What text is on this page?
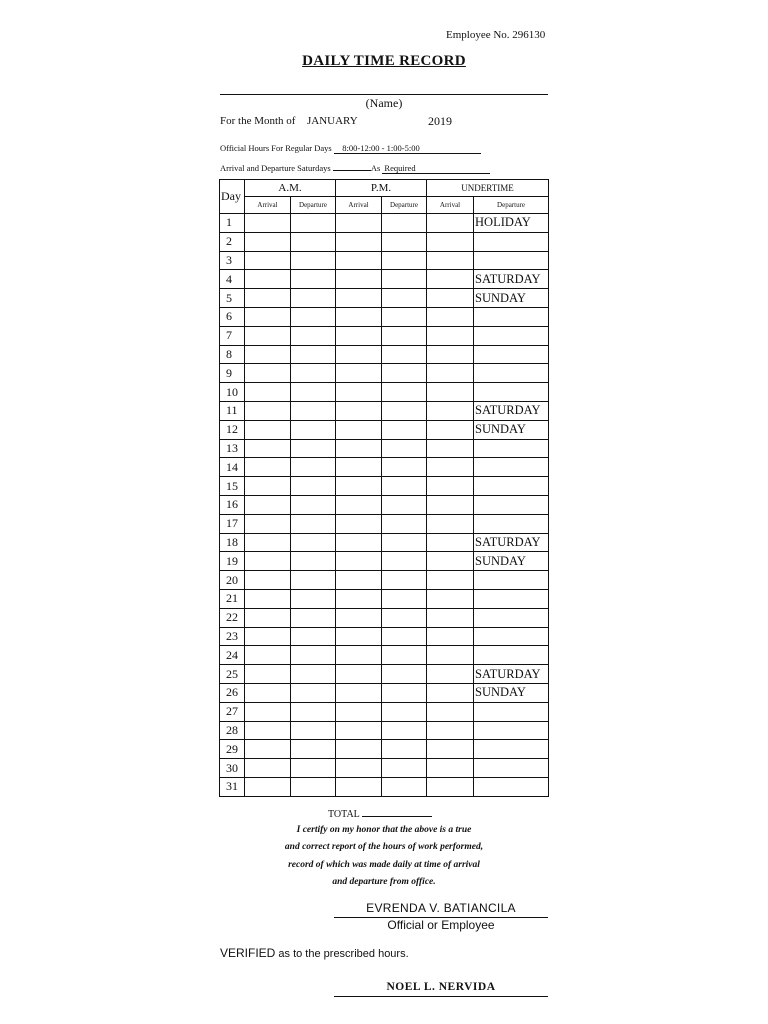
Employee No. 296130
DAILY TIME RECORD
(Name)
For the Month of JANUARY	2019
Official Hours For Regular Days 8:00-12:00 - 1:00-5:00
Arrival and Departure Saturdays	As Required
Day	A.M.		P.M.		UNDERTIME	
	Arrival	Departure	Arrival	Departure	Arrival	Departure
1						HOLIDAY
2						
3						
4						SATURDAY
5						SUNDAY
6						
7						
8						
9						
10						
11						SATURDAY
12						SUNDAY
13						
14						
15						
16						
17						
18						SATURDAY
19						SUNDAY
20						
21						
22						
23						
24						
25						SATURDAY
26						SUNDAY
27						
28						
29						
30						
31						
TOTAL
I certify on my honor that the above is a true
and correct report of the hours of work performed,
record of which was made daily at time of arrival
and departure from office.
EVRENDA V. BATIANCILA
Official or Employee
VERIFIED as to the prescribed hours.
NOEL L. NERVIDA
